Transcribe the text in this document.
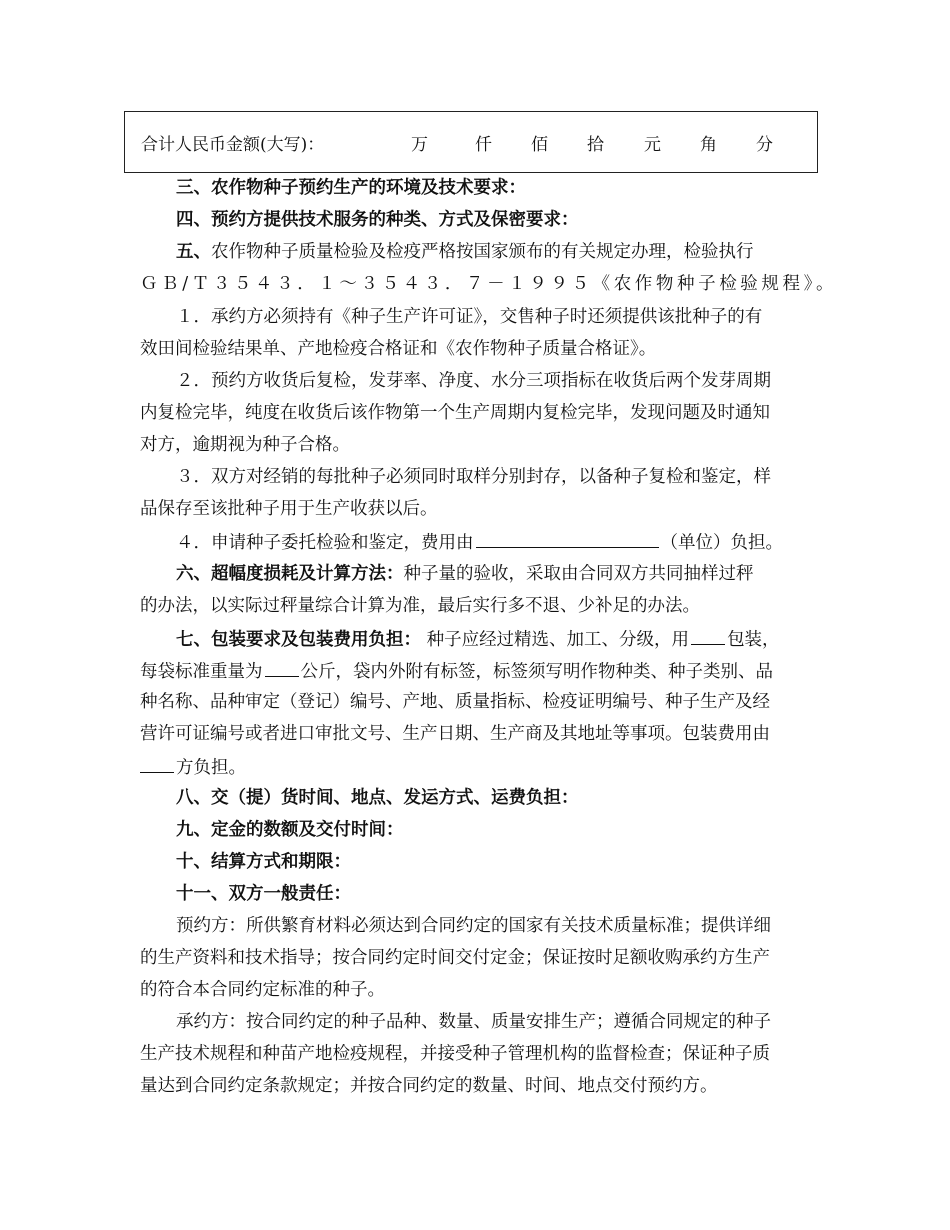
合计人民币金额(大写)：	万	仟 佰 拾 元 角 分
三、农作物种子预约生产的环境及技术要求：
四、预约方提供技术服务的种类、方式及保密要求：
五、农作物种子质量检验及检疫严格按国家颁布的有关规定办理，检验执行
ＧＢ/Ｔ３５４３．１～３５４３．７－１９９５《农作物种子检验规程》。
１．承约方必须持有《种子生产许可证》，交售种子时还须提供该批种子的有
效田间检验结果单、产地检疫合格证和《农作物种子质量合格证》。
２．预约方收货后复检，发芽率、净度、水分三项指标在收货后两个发芽周期
内复检完毕，纯度在收货后该作物第一个生产周期内复检完毕，发现问题及时通知
对方，逾期视为种子合格。
３．双方对经销的每批种子必须同时取样分别封存，以备种子复检和鉴定，样
品保存至该批种子用于生产收获以后。
４．申请种子委托检验和鉴定，费用由	（单位）负担。
六、超幅度损耗及计算方法：种子量的验收，采取由合同双方共同抽样过秤
的办法，以实际过秤量综合计算为准，最后实行多不退、少补足的办法。
七、包装要求及包装费用负担： 种子应经过精选、加工、分级，用 包装，
每袋标准重量为 公斤，袋内外附有标签，标签须写明作物种类、种子类别、品
种名称、品种审定（登记）编号、产地、质量指标、检疫证明编号、种子生产及经
营许可证编号或者进口审批文号、生产日期、生产商及其地址等事项。包装费用由
方负担。
八、交（提）货时间、地点、发运方式、运费负担：
九、定金的数额及交付时间：
十、结算方式和期限：
十一、双方一般责任：
预约方：所供繁育材料必须达到合同约定的国家有关技术质量标准；提供详细
的生产资料和技术指导；按合同约定时间交付定金；保证按时足额收购承约方生产
的符合本合同约定标准的种子。
承约方：按合同约定的种子品种、数量、质量安排生产；遵循合同规定的种子
生产技术规程和种苗产地检疫规程，并接受种子管理机构的监督检查；保证种子质
量达到合同约定条款规定；并按合同约定的数量、时间、地点交付预约方。
